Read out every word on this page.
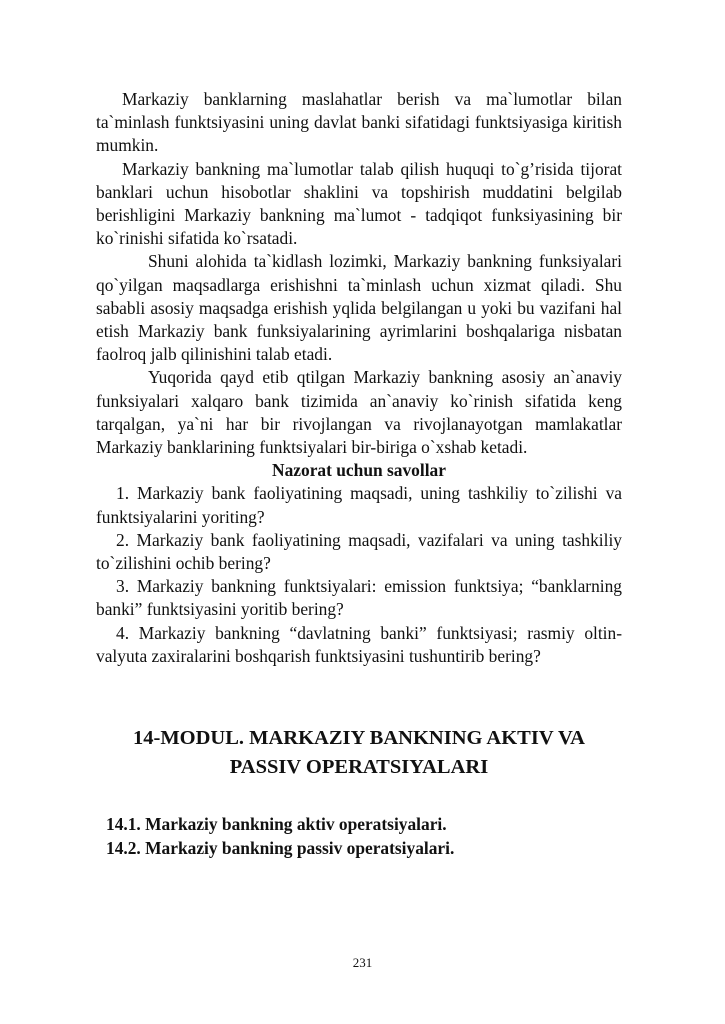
Markaziy banklarning maslahatlar berish va ma`lumotlar bilan ta`minlash funktsiyasini uning davlat banki sifatidagi funktsiyasiga kiritish mumkin.

Markaziy bankning ma`lumotlar talab qilish huquqi to`g’risida tijorat banklari uchun hisobotlar shaklini va topshirish muddatini belgilab berishligini Markaziy bankning ma`lumot - tadqiqot funksiyasining bir ko`rinishi sifatida ko`rsatadi.

Shuni alohida ta`kidlash lozimki, Markaziy bankning funksiyalari qo`yilgan maqsadlarga erishishni ta`minlash uchun xizmat qiladi. Shu sababli asosiy maqsadga erishish yqlida belgilangan u yoki bu vazifani hal etish Markaziy bank funksiyalarining ayrimlarini boshqalariga nisbatan faolroq jalb qilinishini talab etadi.

Yuqorida qayd etib qtilgan Markaziy bankning asosiy an`anaviy funksiyalari xalqaro bank tizimida an`anaviy ko`rinish sifatida keng tarqalgan, ya`ni har bir rivojlangan va rivojlanayotgan mamlakatlar Markaziy banklarining funktsiyalari bir-biriga o`xshab ketadi.

Nazorat uchun savollar

1. Markaziy bank faoliyatining maqsadi, uning tashkiliy to`zilishi va funktsiyalarini yoriting?

2. Markaziy bank faoliyatining maqsadi, vazifalari va uning tashkiliy to`zilishini ochib bering?

3. Markaziy bankning funktsiyalari: emission funktsiya; “banklarning banki” funktsiyasini yoritib bering?

4. Markaziy bankning “davlatning banki” funktsiyasi; rasmiy oltin-valyuta zaxiralarini boshqarish funktsiyasini tushuntirib bering?

14-MODUL. MARKAZIY BANKNING AKTIV VA
PASSIV OPERATSIYALARI

14.1. Markaziy bankning aktiv operatsiyalari.

14.2. Markaziy bankning passiv operatsiyalari.

231
